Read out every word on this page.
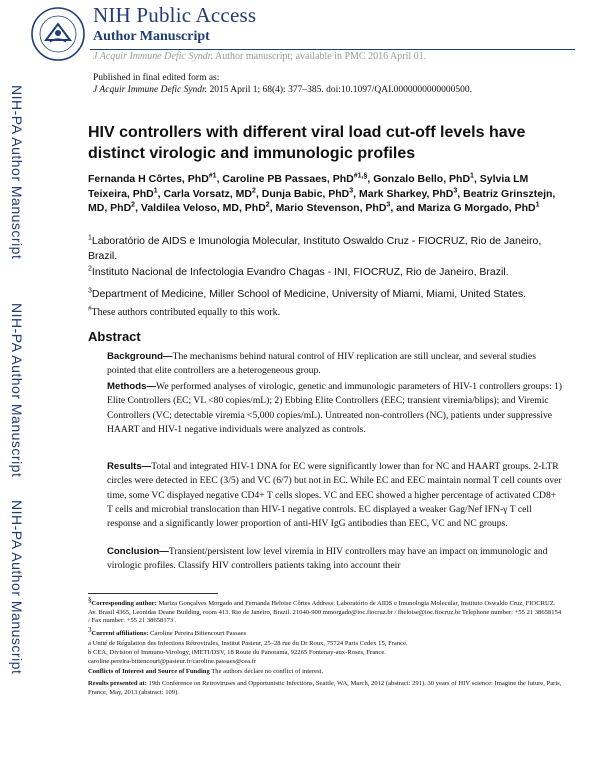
NIH Public Access
Author Manuscript
J Acquir Immune Defic Syndr. Author manuscript; available in PMC 2016 April 01.
Published in final edited form as:
J Acquir Immune Defic Syndr. 2015 April 1; 68(4): 377–385. doi:10.1097/QAI.0000000000000500.
NIH-PA Author Manuscript
NIH-PA Author Manuscript
NIH-PA Author Manuscript
HIV controllers with different viral load cut-off levels have distinct virologic and immunologic profiles
Fernanda H Côrtes, PhD$^{\#1}$, Caroline PB Passaes, PhD$^{\#1,\S}$, Gonzalo Bello, PhD$^1$, Sylvia LM Teixeira, PhD$^1$, Carla Vorsatz, $MD^2$, Dunja Babic, PhD$^3$, Mark Sharkey, PhD$^3$, Beatriz Grinsztejn, MD, PhD$^2$, Valdilea Veloso, MD, PhD$^2$, Mario Stevenson, PhD$^3$, and Mariza G Morgado, PhD$^1$
$^1$Laboratório de AIDS e Imunologia Molecular, Instituto Oswaldo Cruz - FIOCRUZ, Rio de Janeiro, Brazil.
$^2$Instituto Nacional de Infectologia Evandro Chagas - INI, FIOCRUZ, Rio de Janeiro, Brazil.
$^3$Department of Medicine, Miller School of Medicine, University of Miami, Miami, United States.
#These authors contributed equally to this work.
Abstract
Background—The mechanisms behind natural control of HIV replication are still unclear, and several studies pointed that elite controllers are a heterogeneous group.
Methods—We performed analyses of virologic, genetic and immunologic parameters of HIV-1 controllers groups: 1) Elite Controllers (EC; VL <80 copies/mL); 2) Ebbing Elite Controllers (EEC; transient viremia/blips); and Viremic Controllers (VC; detectable viremia <5,000 copies/mL). Untreated non-controllers (NC), patients under suppressive HAART and HIV-1 negative individuals were analyzed as controls.
Results—Total and integrated HIV-1 DNA for EC were significantly lower than for NC and HAART groups. 2-LTR circles were detected in EEC (3/5) and VC (6/7) but not in EC. While EC and EEC maintain normal T cell counts over time, some VC displayed negative CD4+ T cells slopes. VC and EEC showed a higher percentage of activated CD8+ T cells and microbial translocation than HIV-1 negative controls. EC displayed a weaker Gag/Nef IFN-γ T cell response and a significantly lower proportion of anti-HIV IgG antibodies than EEC, VC and NC groups.
Conclusion—Transient/persistent low level viremia in HIV controllers may have an impact on immunologic and virologic profiles. Classify HIV controllers patients taking into account their
§Corresponding author: Mariza Gonçalves Morgado and Fernanda Heloise Côrtes Address: Laboratório de AIDS e Imunologia Molecular, Instituto Oswaldo Cruz, FIOCRUZ. Av. Brasil 4365, Leonidas Deane Building, room 413. Rio de Janeiro, Brazil. 21040-900 mmorgado@ioc.fiocruz.br / fheloise@ioc.fiocruz.br Telephone number: +55 21 38658154 / Fax number: +55 21 38658173 .
$^3$Current affiliations: Caroline Pereira Bittencourt Passaes
a Unité de Régulation des Infections Rétrovirales, Institut Pasteur, 25–28 rue du Dr Roux, 75724 Paris Cedex 15, France.
b CEA, Division of Immuno-Virology, iMETI/DSV, 18 Route du Panorama, 92265 Fontenay-aux-Roses, France.
caroline.pereira-bittencourt@pasteur.fr/caroline.passaes@cea.fr
Conflicts of Interest and Source of Funding The authors declare no conflict of interest.
Results presented at: 19th Conference on Retroviruses and Opportunistic Infections, Seattle, WA, March, 2012 (abstract: 291). 30 years of HIV science: Imagine the future, Paris, France, May, 2013 (abstract: 109).
